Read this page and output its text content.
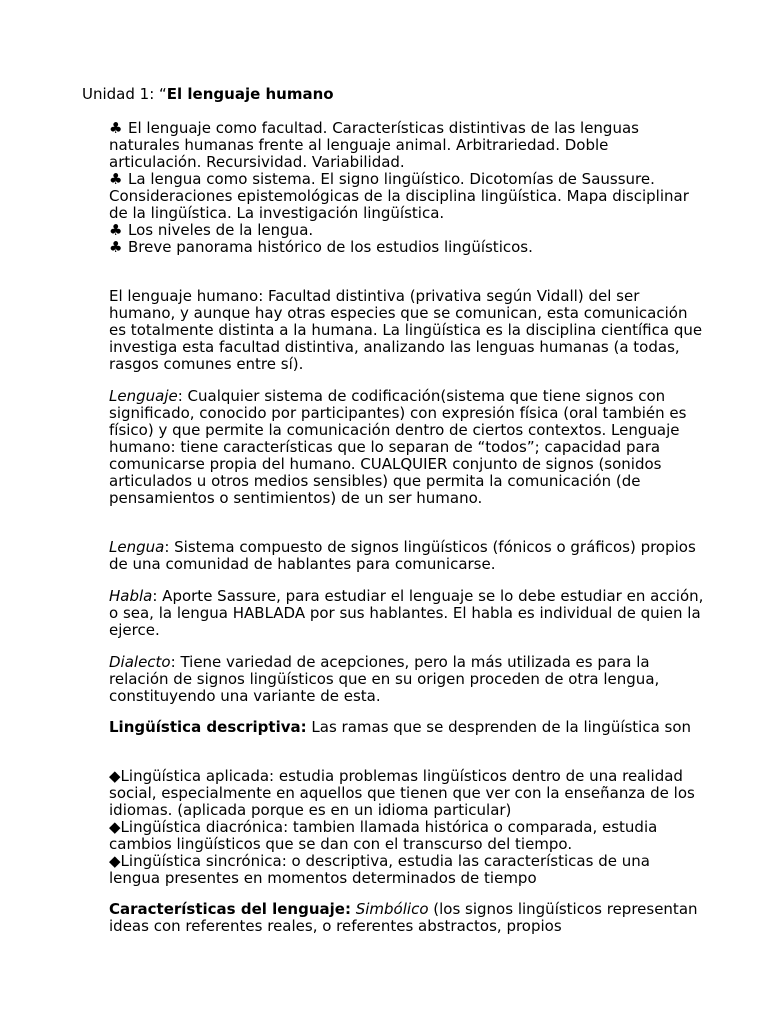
Unidad 1: “El lenguaje humano

♣ El lenguaje como facultad. Características distintivas de las lenguas naturales humanas frente al lenguaje animal. Arbitrariedad. Doble articulación. Recursividad. Variabilidad.

♣ La lengua como sistema. El signo lingüístico. Dicotomías de Saussure. Consideraciones epistemológicas de la disciplina lingüística. Mapa disciplinar de la lingüística. La investigación lingüística.

♣ Los niveles de la lengua.

♣ Breve panorama histórico de los estudios lingüísticos.

El lenguaje humano: Facultad distintiva (privativa según Vidall) del ser humano, y aunque hay otras especies que se comunican, esta comunicación es totalmente distinta a la humana. La lingüística es la disciplina científica que investiga esta facultad distintiva, analizando las lenguas humanas (a todas, rasgos comunes entre sí).

Lenguaje: Cualquier sistema de codificación(sistema que tiene signos con significado, conocido por participantes) con expresión física (oral también es físico) y que permite la comunicación dentro de ciertos contextos. Lenguaje humano: tiene características que lo separan de “todos”; capacidad para comunicarse propia del humano. CUALQUIER conjunto de signos (sonidos articulados u otros medios sensibles) que permita la comunicación (de pensamientos o sentimientos) de un ser humano.

Lengua: Sistema compuesto de signos lingüísticos (fónicos o gráficos) propios de una comunidad de hablantes para comunicarse.

Habla: Aporte Sassure, para estudiar el lenguaje se lo debe estudiar en acción, o sea, la lengua HABLADA por sus hablantes. El habla es individual de quien la ejerce.

Dialecto: Tiene variedad de acepciones, pero la más utilizada es para la relación de signos lingüísticos que en su origen proceden de otra lengua, constituyendo una variante de esta.

Lingüística descriptiva: Las ramas que se desprenden de la lingüística son

◆Lingüística aplicada: estudia problemas lingüísticos dentro de una realidad social, especialmente en aquellos que tienen que ver con la enseñanza de los idiomas. (aplicada porque es en un idioma particular)

◆Lingüística diacrónica: tambien llamada histórica o comparada, estudia cambios lingüísticos que se dan con el transcurso del tiempo.

◆Lingüística sincrónica: o descriptiva, estudia las características de una lengua presentes en momentos determinados de tiempo

Características del lenguaje: Simbólico (los signos lingüísticos representan ideas con referentes reales, o referentes abstractos, propios
